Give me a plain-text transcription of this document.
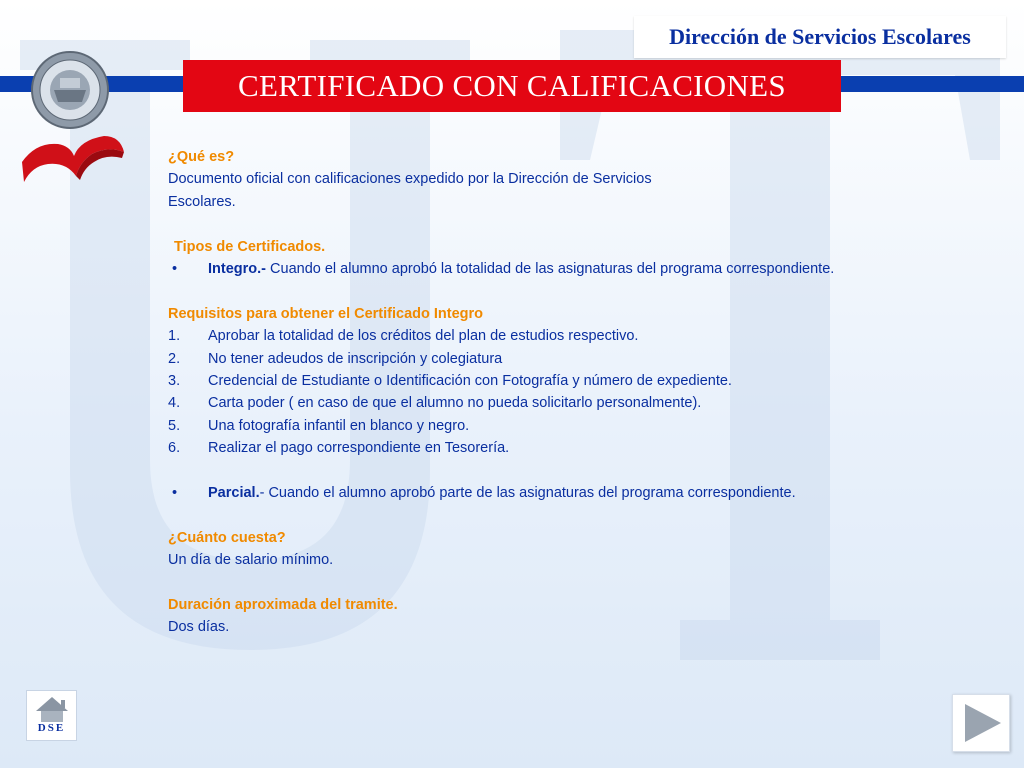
Dirección de Servicios Escolares
CERTIFICADO CON CALIFICACIONES

¿Qué es?

Documento oficial con calificaciones expedido por la Dirección de Servicios

Escolares.

Tipos de Certificados.

•	Integro.-
Cuando el alumno aprobó la totalidad de las asignaturas del programa correspondiente.

Requisitos para obtener el Certificado Integro

1.	Aprobar la totalidad de los créditos del plan de estudios respectivo.
2.	No tener adeudos de inscripción y colegiatura
3.	Credencial de Estudiante o Identificación con Fotografía y número de expediente.
4.	Carta poder ( en caso de que el alumno no pueda solicitarlo personalmente).
5.	Una fotografía infantil en blanco y negro.
6.	Realizar el pago correspondiente en Tesorería.
•	Parcial. - Cuando el alumno aprobó parte de las asignaturas del programa correspondiente.

¿Cuánto cuesta?

Un día de salario mínimo.

Duración aproximada del tramite.

Dos días.

DSE
